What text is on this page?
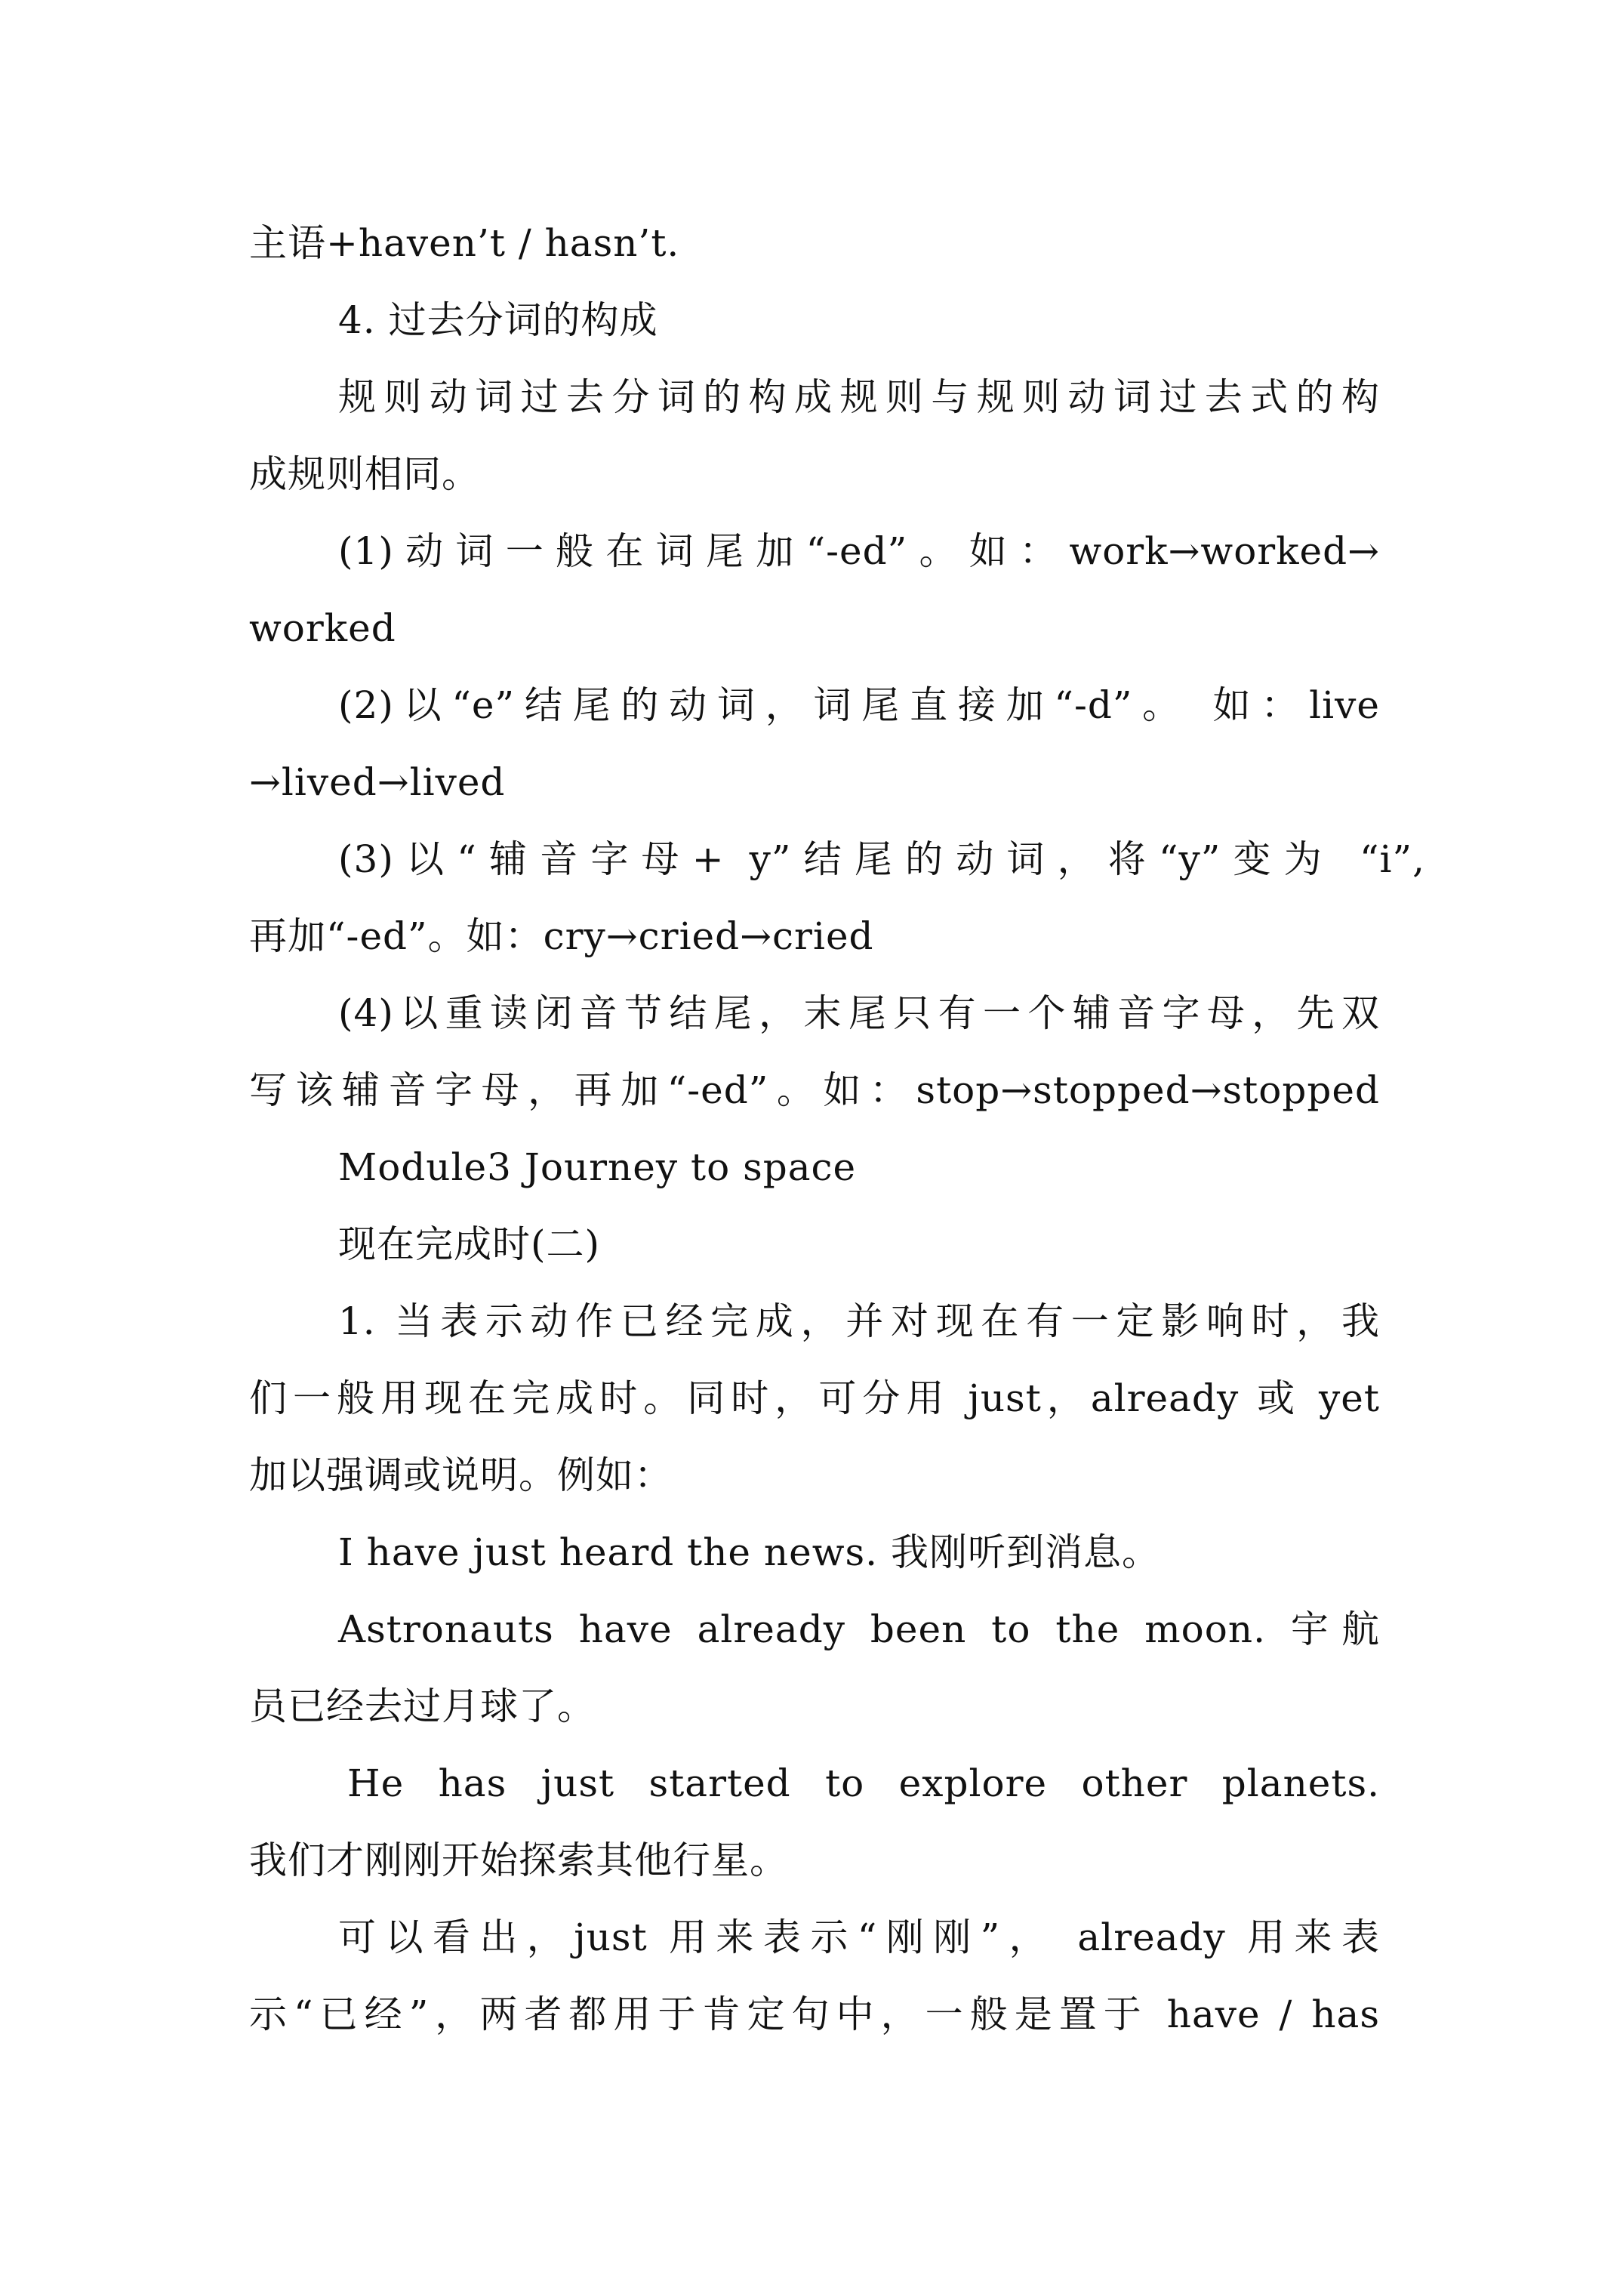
主语+haven’t / hasn’t.
4. 过去分词的构成
规则动词过去分词的构成规则与规则动词过去式的构
成规则相同。
(1)动词一般在词尾加“-ed”。如：work→worked→
worked
(2)以“e”结尾的动词，词尾直接加“-d”。 如：live
→lived→lived
(3)以“辅音字母+ y”结尾的动词，将“y”变为 “i”,
再加“-ed”。如：cry→cried→cried
(4)以重读闭音节结尾，末尾只有一个辅音字母，先双
写该辅音字母，再加“-ed”。如：stop→stopped→stopped
Module3 Journey to space
现在完成时(二)
1. 当表示动作已经完成，并对现在有一定影响时，我
们一般用现在完成时。同时，可分用 just，already 或 yet
加以强调或说明。例如：
I have just heard the news. 我刚听到消息。
Astronauts have already been to the moon. 宇航
员已经去过月球了。
He has just started to explore other planets.
我们才刚刚开始探索其他行星。
可以看出，just 用来表示“刚刚”， already 用来表
示“已经”，两者都用于肯定句中，一般是置于 have / has
